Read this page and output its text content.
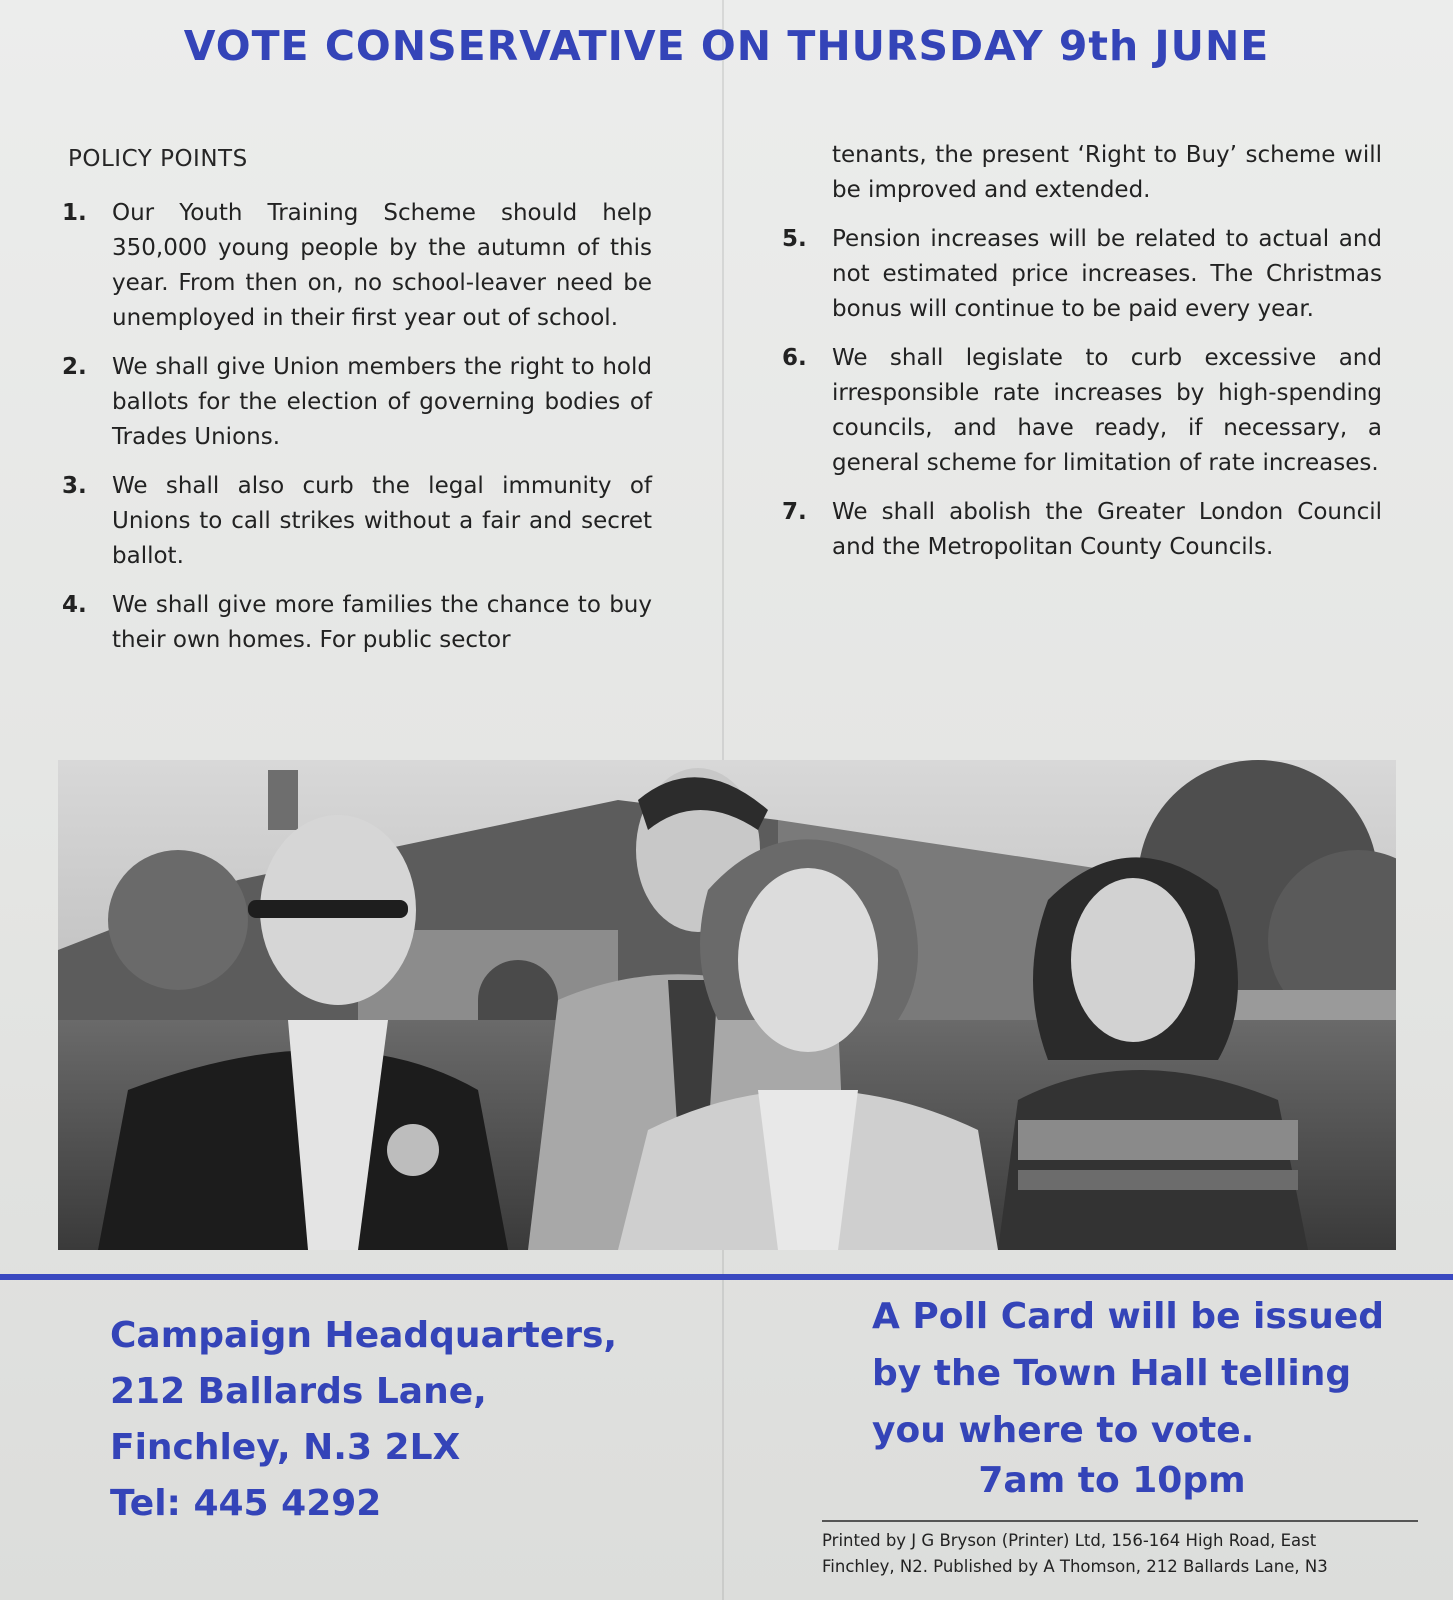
VOTE CONSERVATIVE ON THURSDAY 9th JUNE
POLICY POINTS
1.	Our Youth Training Scheme should help 350,000 young people by the autumn of this year. From then on, no school-leaver need be unemployed in their first year out of school.
2.	We shall give Union members the right to hold ballots for the election of governing bodies of Trades Unions.
3.	We shall also curb the legal immunity of Unions to call strikes without a fair and secret ballot.
4.	We shall give more families the chance to buy their own homes. For public sector
tenants, the present ‘Right to Buy’ scheme will be improved and extended.
5.	Pension increases will be related to actual and not estimated price increases. The Christmas bonus will continue to be paid every year.
6.	We shall legislate to curb excessive and irresponsible rate increases by high-spending councils, and have ready, if necessary, a general scheme for limitation of rate increases.
7.	We shall abolish the Greater London Council and the Metropolitan County Councils.
Campaign Headquarters,
212 Ballards Lane,
Finchley, N.3 2LX
Tel: 445 4292
A Poll Card will be issued
by the Town Hall telling
you where to vote.
7am to 10pm
Printed by J G Bryson (Printer) Ltd, 156-164 High Road, East
Finchley, N2. Published by A Thomson, 212 Ballards Lane, N3
